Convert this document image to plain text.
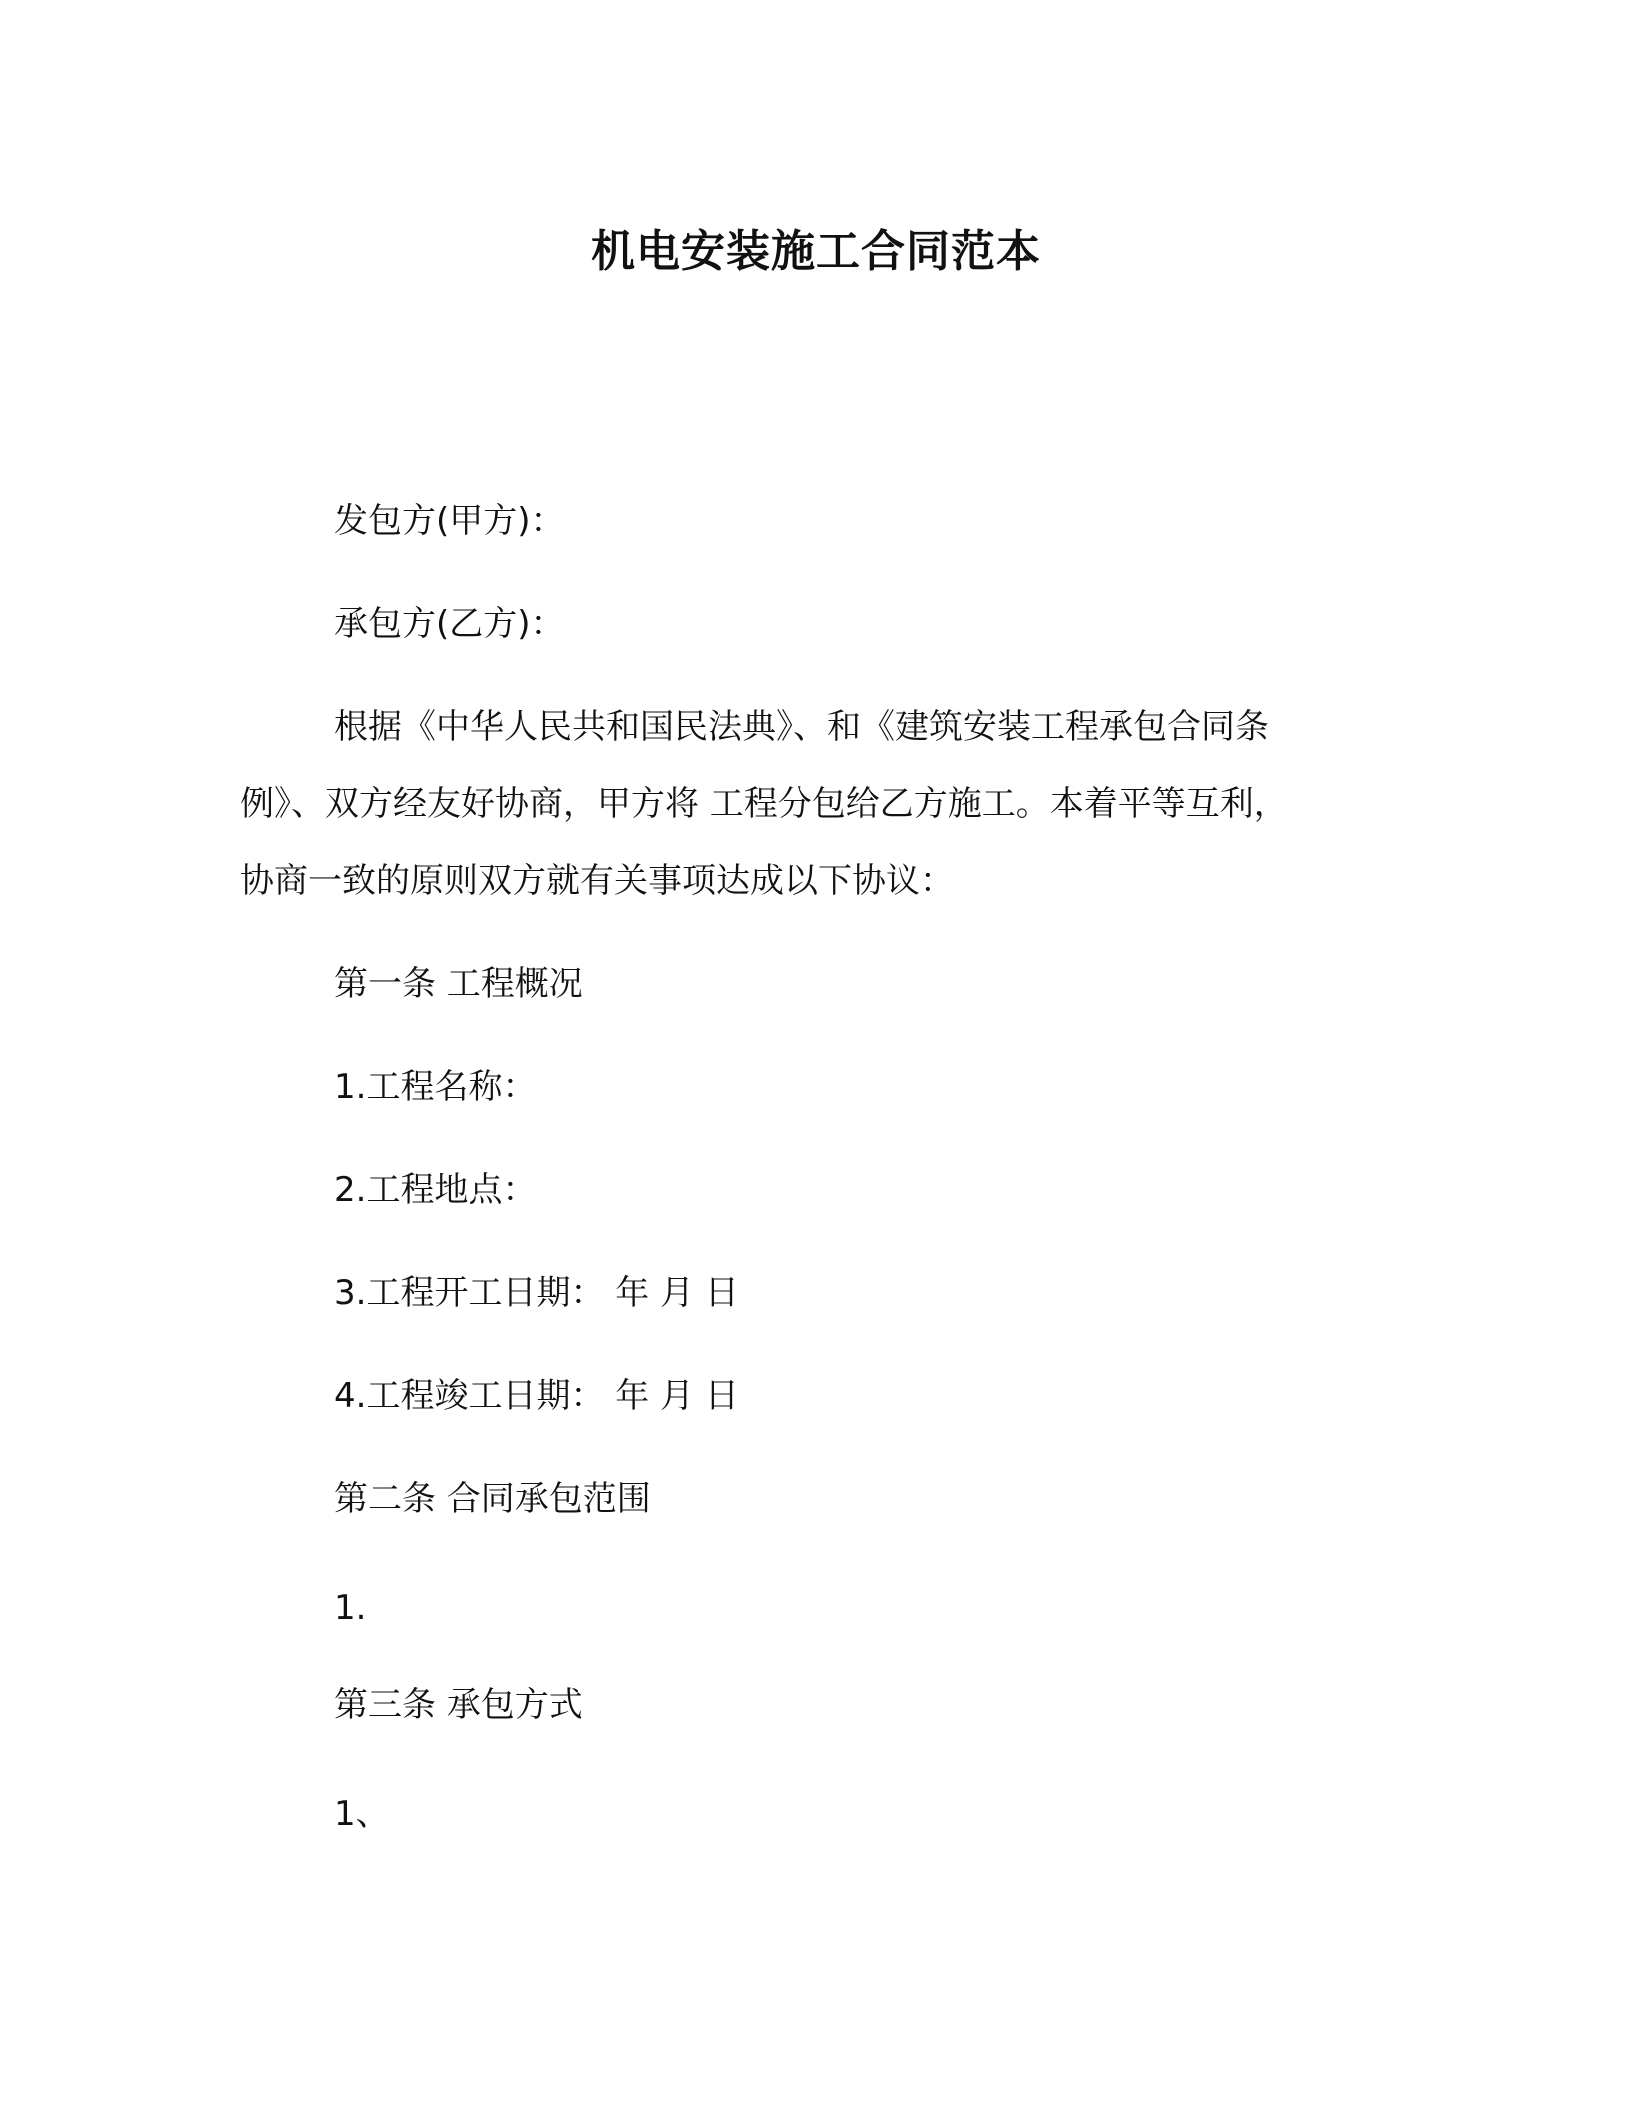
机电安装施工合同范本
发包方(甲方)：
承包方(乙方)：
根据《中华人民共和国民法典》、和《建筑安装工程承包合同条
例》、双方经友好协商，甲方将 工程分包给乙方施工。本着平等互利，
协商一致的原则双方就有关事项达成以下协议：
第一条 工程概况
1.工程名称：
2.工程地点：
3.工程开工日期： 年 月 日
4.工程竣工日期： 年 月 日
第二条 合同承包范围
1.
第三条 承包方式
1、
